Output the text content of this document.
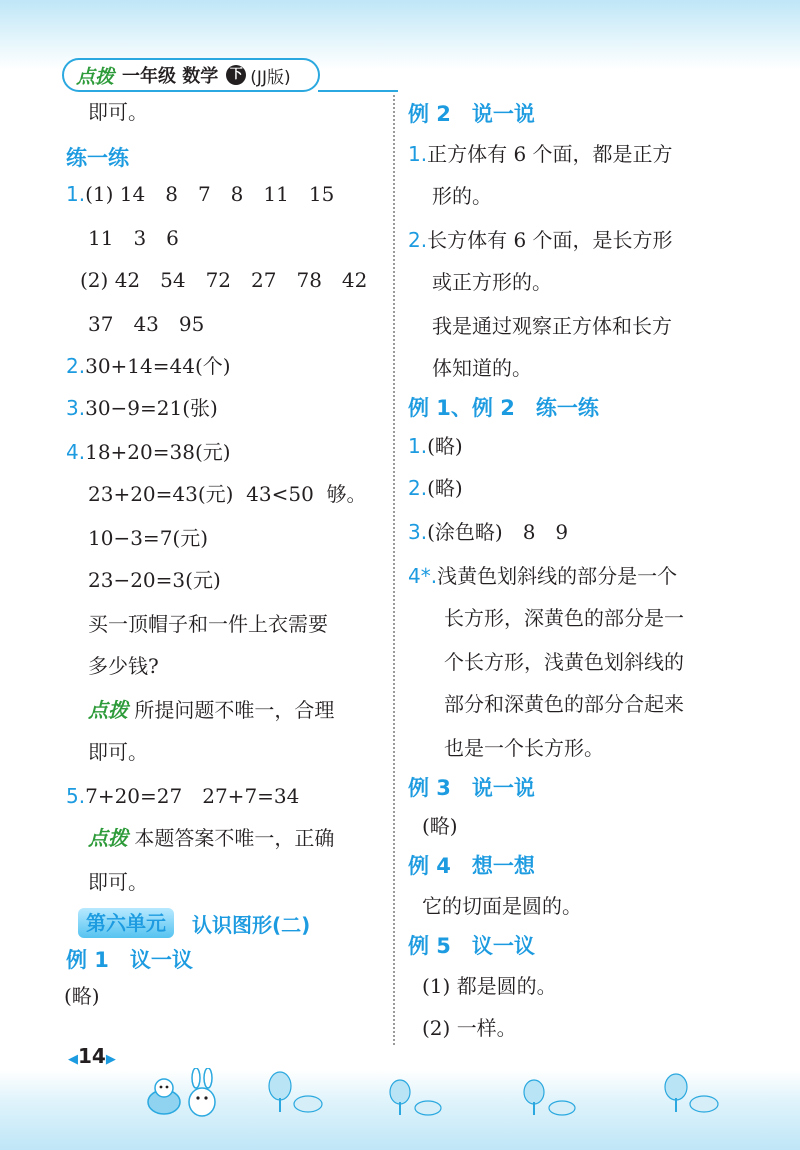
点拨 一年级 数学 下 (JJ版)
即可。
练一练
1.(1) 14　8　7　8　11　15
11　3　6
(2) 42　54　72　27　78　42
37　43　95
2.30+14=44(个)
3.30−9=21(张)
4.18+20=38(元)
23+20=43(元)  43<50  够。
10−3=7(元)
23−20=3(元)
买一顶帽子和一件上衣需要
多少钱?
点拨 所提问题不唯一，合理
即可。
5.7+20=27　27+7=34
点拨 本题答案不唯一，正确
即可。
第六单元	认识图形(二)
例 1　议一议
(略)
例 2　说一说
1.正方体有 6 个面，都是正方
形的。
2.长方体有 6 个面，是长方形
或正方形的。
我是通过观察正方体和长方
体知道的。
例 1、例 2　练一练
1.(略)
2.(略)
3.(涂色略)　8　9
4*.浅黄色划斜线的部分是一个
长方形，深黄色的部分是一
个长方形，浅黄色划斜线的
部分和深黄色的部分合起来
也是一个长方形。
例 3　说一说
(略)
例 4　想一想
它的切面是圆的。
例 5　议一议
(1) 都是圆的。
(2) 一样。
◀14▶
